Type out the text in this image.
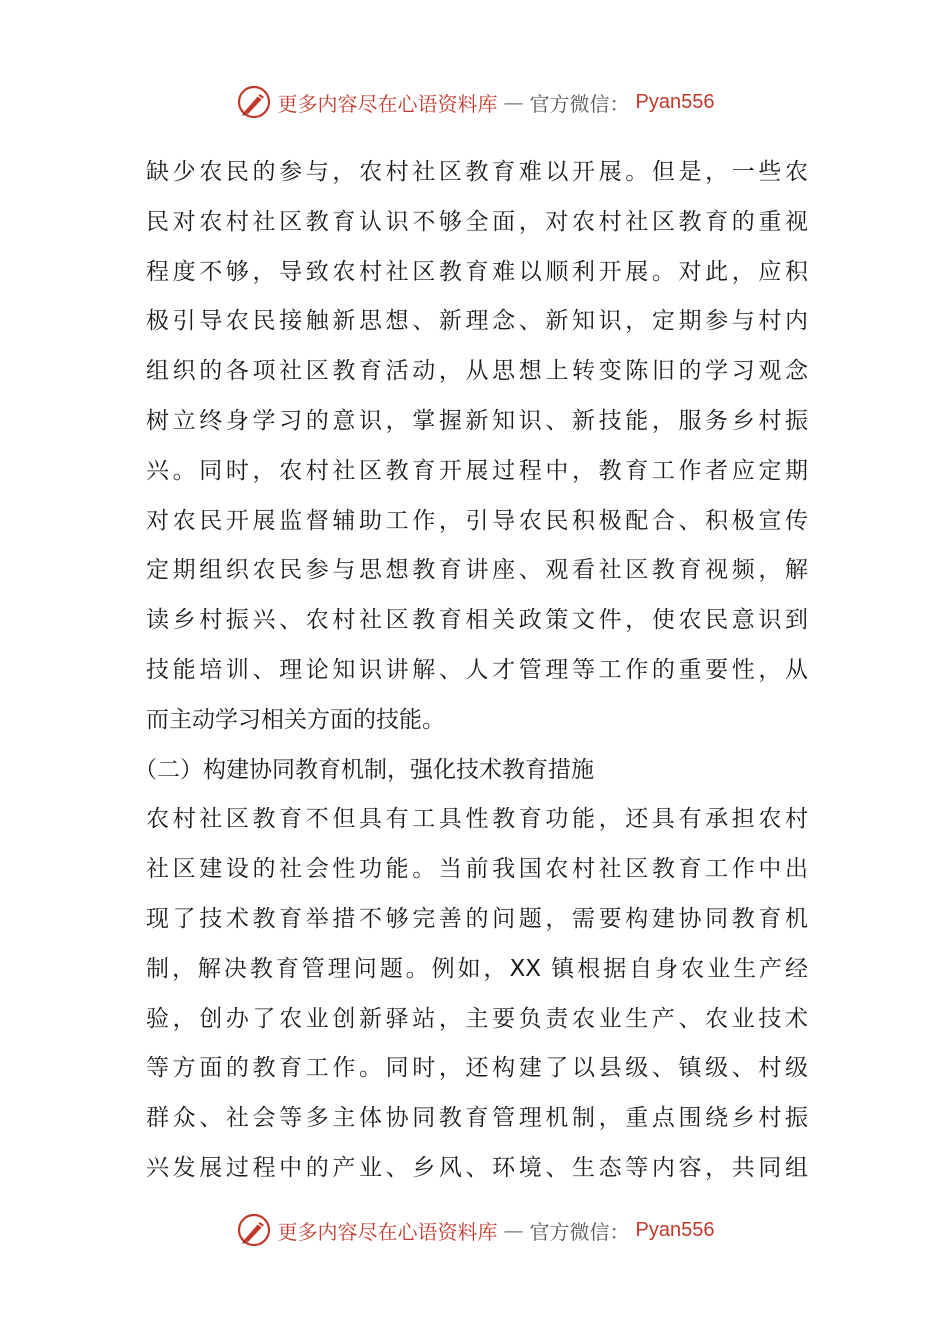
更多内容尽在心语资料库 — 官方微信： Pyan556
缺少农民的参与，农村社区教育难以开展。但是，一些农
民对农村社区教育认识不够全面，对农村社区教育的重视
程度不够，导致农村社区教育难以顺利开展。对此，应积
极引导农民接触新思想、新理念、新知识，定期参与村内
组织的各项社区教育活动，从思想上转变陈旧的学习观念
树立终身学习的意识，掌握新知识、新技能，服务乡村振
兴。同时，农村社区教育开展过程中，教育工作者应定期
对农民开展监督辅助工作，引导农民积极配合、积极宣传
定期组织农民参与思想教育讲座、观看社区教育视频，解
读乡村振兴、农村社区教育相关政策文件，使农民意识到
技能培训、理论知识讲解、人才管理等工作的重要性，从
而主动学习相关方面的技能。
（二）构建协同教育机制，强化技术教育措施
农村社区教育不但具有工具性教育功能，还具有承担农村
社区建设的社会性功能。当前我国农村社区教育工作中出
现了技术教育举措不够完善的问题，需要构建协同教育机
制，解决教育管理问题。例如，XX 镇根据自身农业生产经
验，创办了农业创新驿站，主要负责农业生产、农业技术
等方面的教育工作。同时，还构建了以县级、镇级、村级
群众、社会等多主体协同教育管理机制，重点围绕乡村振
兴发展过程中的产业、乡风、环境、生态等内容，共同组
更多内容尽在心语资料库 — 官方微信： Pyan556
